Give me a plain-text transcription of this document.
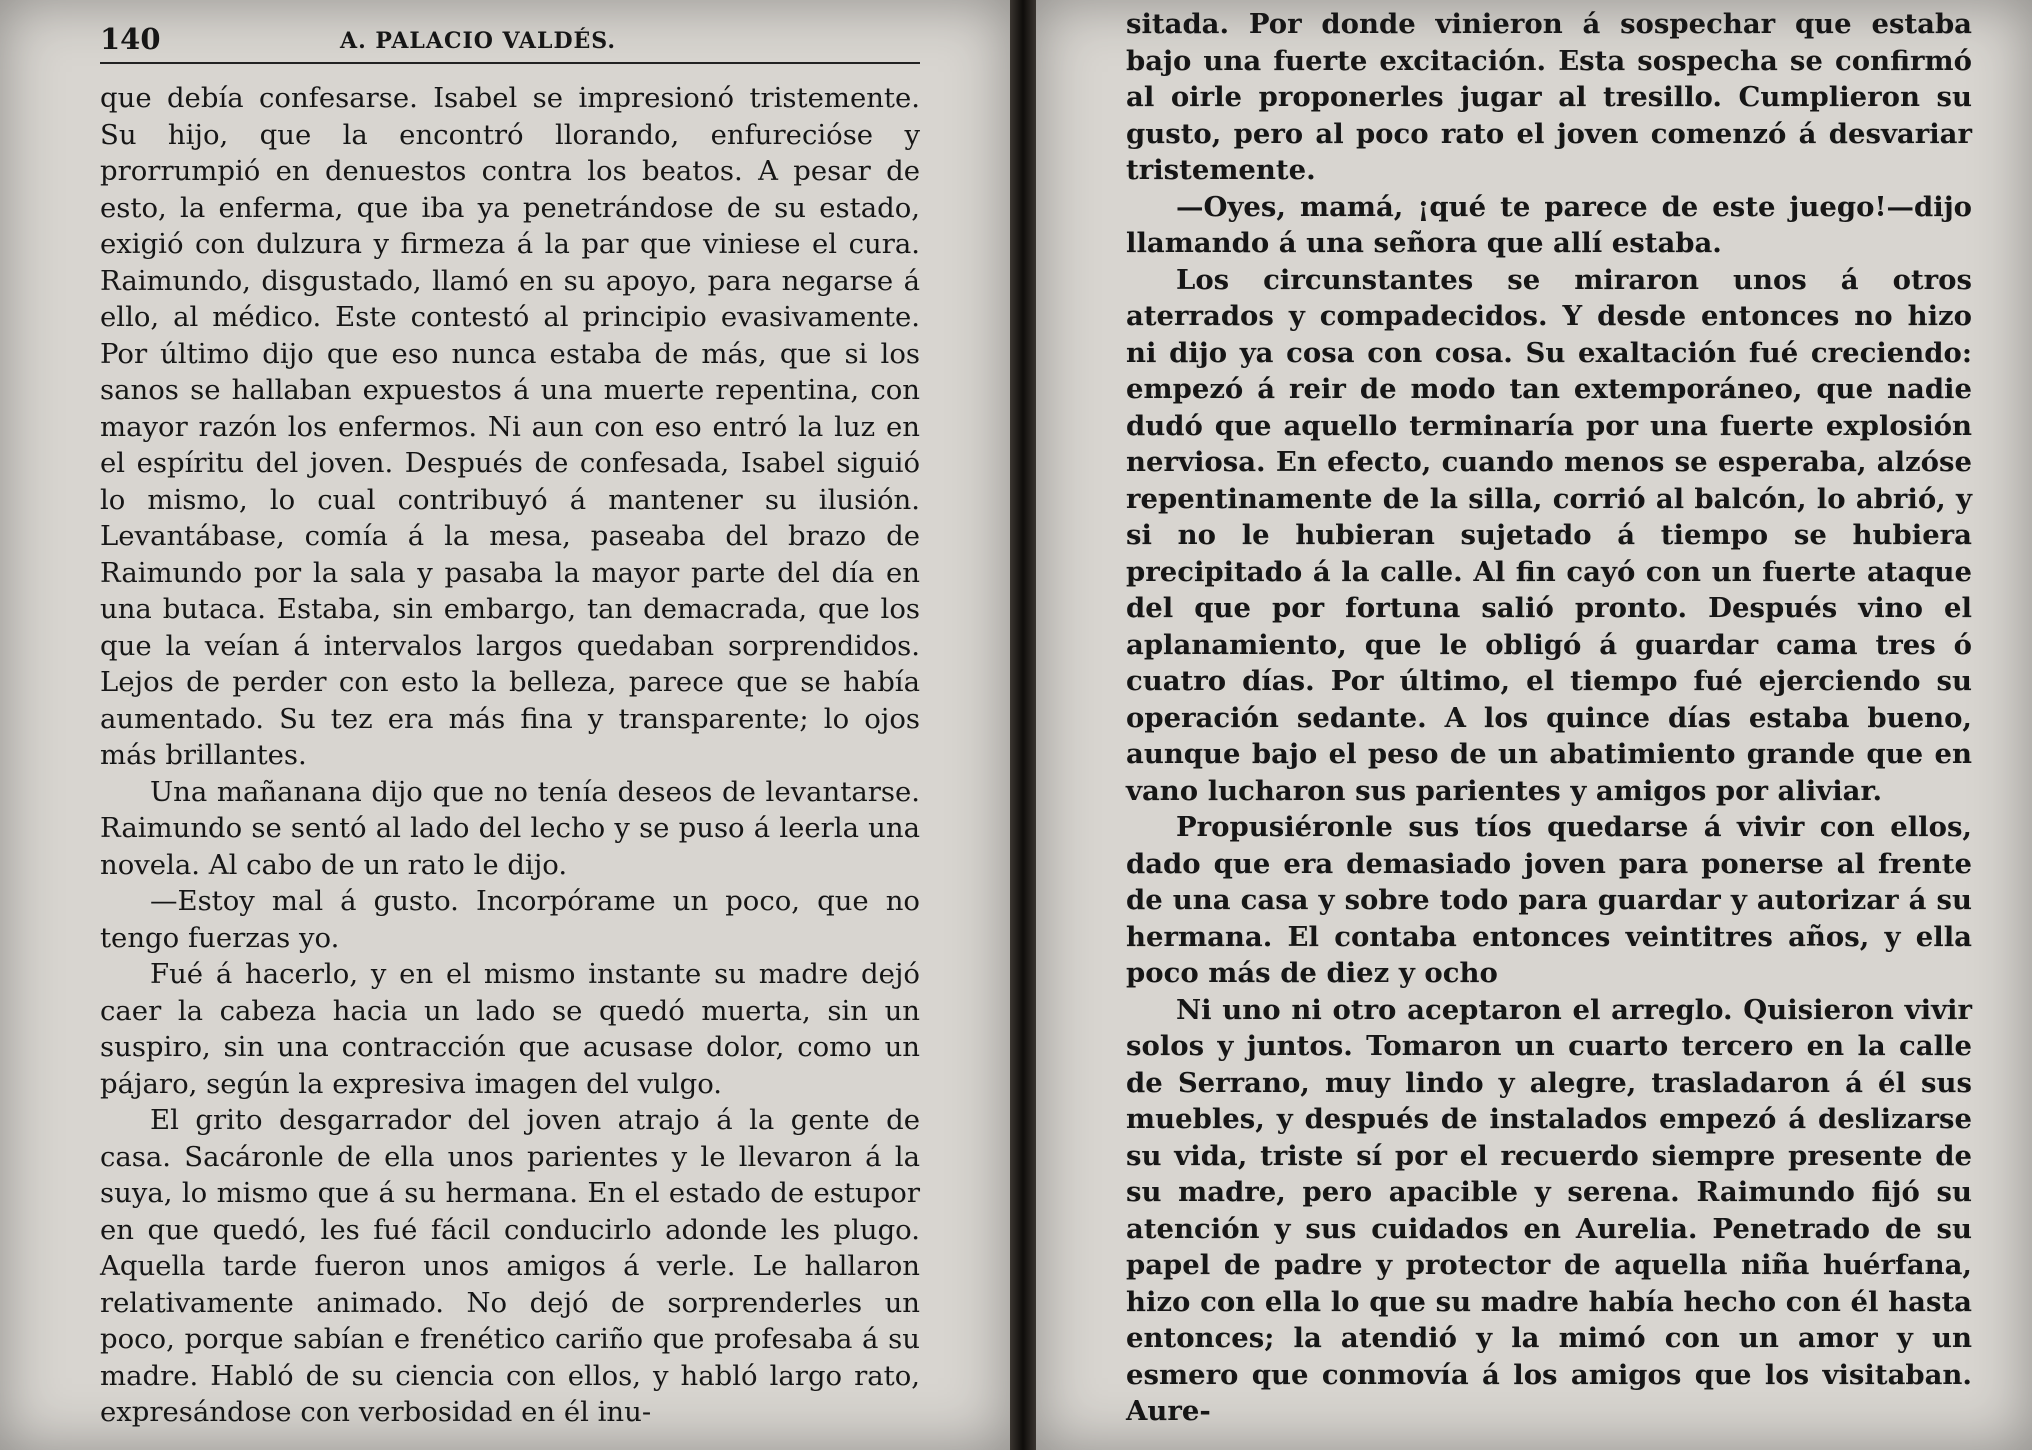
140	A. PALACIO VALDÉS.

que debía confesarse. Isabel se impresionó tristemente. Su hijo, que la encontró llorando, enfurecióse y prorrumpió en denuestos contra los beatos. A pesar de esto, la enferma, que iba ya penetrándose de su estado, exigió con dulzura y firmeza á la par que viniese el cura. Raimundo, disgustado, llamó en su apoyo, para negarse á ello, al médico. Este contestó al principio evasivamente. Por último dijo que eso nunca estaba de más, que si los sanos se hallaban expuestos á una muerte repentina, con mayor razón los enfermos. Ni aun con eso entró la luz en el espíritu del joven. Después de confesada, Isabel siguió lo mismo, lo cual contribuyó á mantener su ilusión. Levantábase, comía á la mesa, paseaba del brazo de Raimundo por la sala y pasaba la mayor parte del día en una butaca. Estaba, sin embargo, tan demacrada, que los que la veían á intervalos largos quedaban sorprendidos. Lejos de perder con esto la belleza, parece que se había aumentado. Su tez era más fina y transparente; lo ojos más brillantes.

Una mañanana dijo que no tenía deseos de levantarse. Raimundo se sentó al lado del lecho y se puso á leerla una novela. Al cabo de un rato le dijo.

—Estoy mal á gusto. Incorpórame un poco, que no tengo fuerzas yo.

Fué á hacerlo, y en el mismo instante su madre dejó caer la cabeza hacia un lado se quedó muerta, sin un suspiro, sin una contracción que acusase dolor, como un pájaro, según la expresiva imagen del vulgo.

El grito desgarrador del joven atrajo á la gente de casa. Sacáronle de ella unos parientes y le llevaron á la suya, lo mismo que á su hermana. En el estado de estupor en que quedó, les fué fácil conducirlo adonde les plugo. Aquella tarde fueron unos amigos á verle. Le hallaron relativamente animado. No dejó de sorprenderles un poco, porque sabían e frenético cariño que profesaba á su madre. Habló de su ciencia con ellos, y habló largo rato, expresándose con verbosidad en él inu-

sitada. Por donde vinieron á sospechar que estaba bajo una fuerte excitación. Esta sospecha se confirmó al oirle proponerles jugar al tresillo. Cumplieron su gusto, pero al poco rato el joven comenzó á desvariar tristemente.

—Oyes, mamá, ¡qué te parece de este juego!—dijo llamando á una señora que allí estaba.

Los circunstantes se miraron unos á otros aterrados y compadecidos. Y desde entonces no hizo ni dijo ya cosa con cosa. Su exaltación fué creciendo: empezó á reir de modo tan extemporáneo, que nadie dudó que aquello terminaría por una fuerte explosión nerviosa. En efecto, cuando menos se esperaba, alzóse repentinamente de la silla, corrió al balcón, lo abrió, y si no le hubieran sujetado á tiempo se hubiera precipitado á la calle. Al fin cayó con un fuerte ataque del que por fortuna salió pronto. Después vino el aplanamiento, que le obligó á guardar cama tres ó cuatro días. Por último, el tiempo fué ejerciendo su operación sedante. A los quince días estaba bueno, aunque bajo el peso de un abatimiento grande que en vano lucharon sus parientes y amigos por aliviar.

Propusiéronle sus tíos quedarse á vivir con ellos, dado que era demasiado joven para ponerse al frente de una casa y sobre todo para guardar y autorizar á su hermana. El contaba entonces veintitres años, y ella poco más de diez y ocho

Ni uno ni otro aceptaron el arreglo. Quisieron vivir solos y juntos. Tomaron un cuarto tercero en la calle de Serrano, muy lindo y alegre, trasladaron á él sus muebles, y después de instalados empezó á deslizarse su vida, triste sí por el recuerdo siempre presente de su madre, pero apacible y serena. Raimundo fijó su atención y sus cuidados en Aurelia. Penetrado de su papel de padre y protector de aquella niña huérfana, hizo con ella lo que su madre había hecho con él hasta entonces; la atendió y la mimó con un amor y un esmero que conmovía á los amigos que los visitaban. Aure-
